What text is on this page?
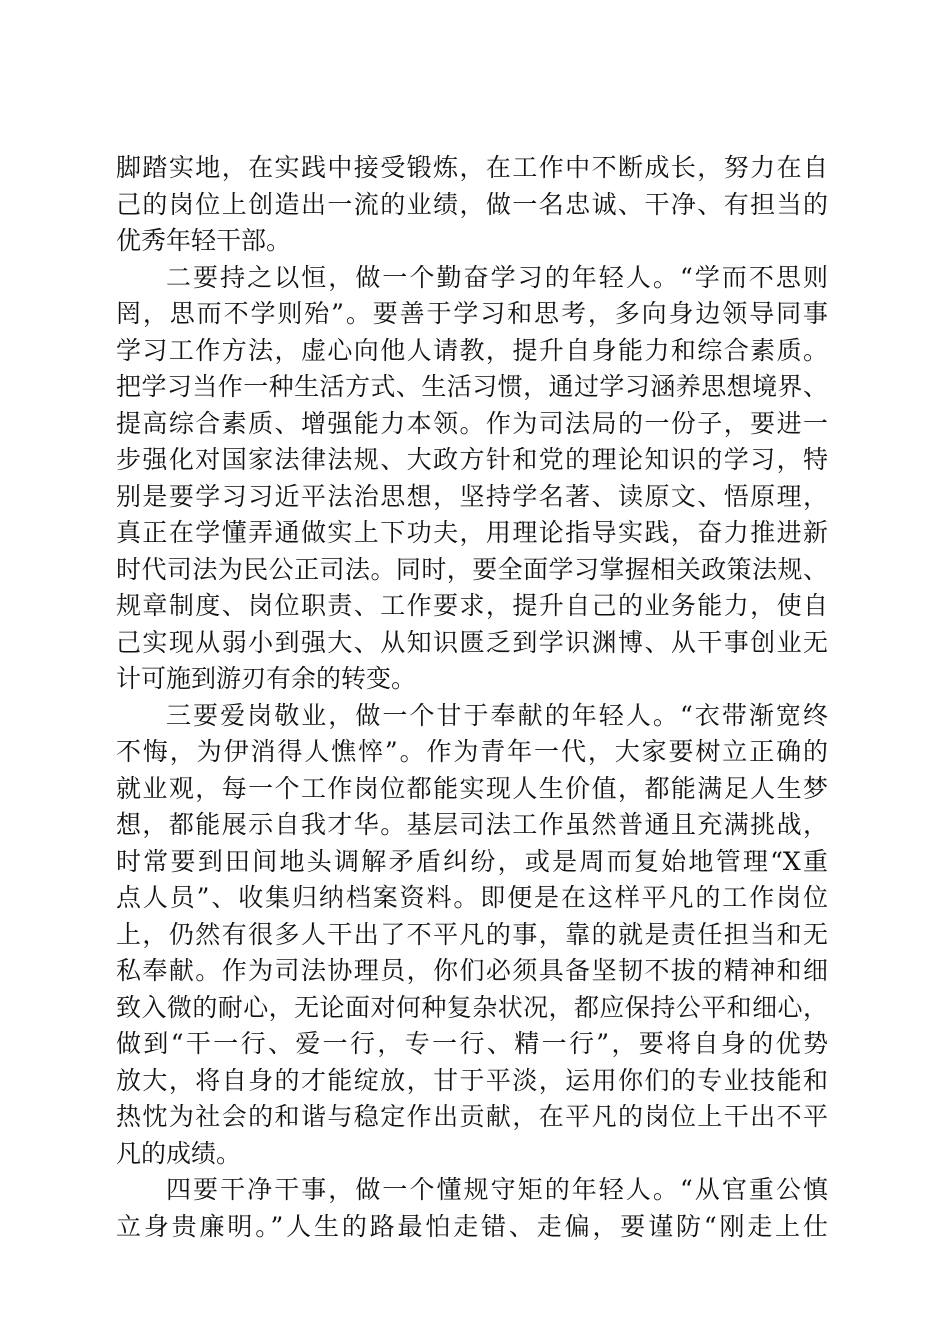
脚踏实地，在实践中接受锻炼，在工作中不断成长，努力在自
己的岗位上创造出一流的业绩，做一名忠诚、干净、有担当的
优秀年轻干部。
二要持之以恒，做一个勤奋学习的年轻人。“学而不思则
罔，思而不学则殆”。要善于学习和思考，多向身边领导同事
学习工作方法，虚心向他人请教，提升自身能力和综合素质。
把学习当作一种生活方式、生活习惯，通过学习涵养思想境界、
提高综合素质、增强能力本领。作为司法局的一份子，要进一
步强化对国家法律法规、大政方针和党的理论知识的学习，特
别是要学习习近平法治思想，坚持学名著、读原文、悟原理，
真正在学懂弄通做实上下功夫，用理论指导实践，奋力推进新
时代司法为民公正司法。同时，要全面学习掌握相关政策法规、
规章制度、岗位职责、工作要求，提升自己的业务能力，使自
己实现从弱小到强大、从知识匮乏到学识渊博、从干事创业无
计可施到游刃有余的转变。
三要爱岗敬业，做一个甘于奉献的年轻人。“衣带渐宽终
不悔，为伊消得人憔悴”。作为青年一代，大家要树立正确的
就业观，每一个工作岗位都能实现人生价值，都能满足人生梦
想，都能展示自我才华。基层司法工作虽然普通且充满挑战，
时常要到田间地头调解矛盾纠纷，或是周而复始地管理“X重
点人员”、收集归纳档案资料。即便是在这样平凡的工作岗位
上，仍然有很多人干出了不平凡的事，靠的就是责任担当和无
私奉献。作为司法协理员，你们必须具备坚韧不拔的精神和细
致入微的耐心，无论面对何种复杂状况，都应保持公平和细心，
做到“干一行、爱一行，专一行、精一行”，要将自身的优势
放大，将自身的才能绽放，甘于平淡，运用你们的专业技能和
热忱为社会的和谐与稳定作出贡献，在平凡的岗位上干出不平
凡的成绩。
四要干净干事，做一个懂规守矩的年轻人。“从官重公慎
立身贵廉明。”人生的路最怕走错、走偏，要谨防“刚走上仕
